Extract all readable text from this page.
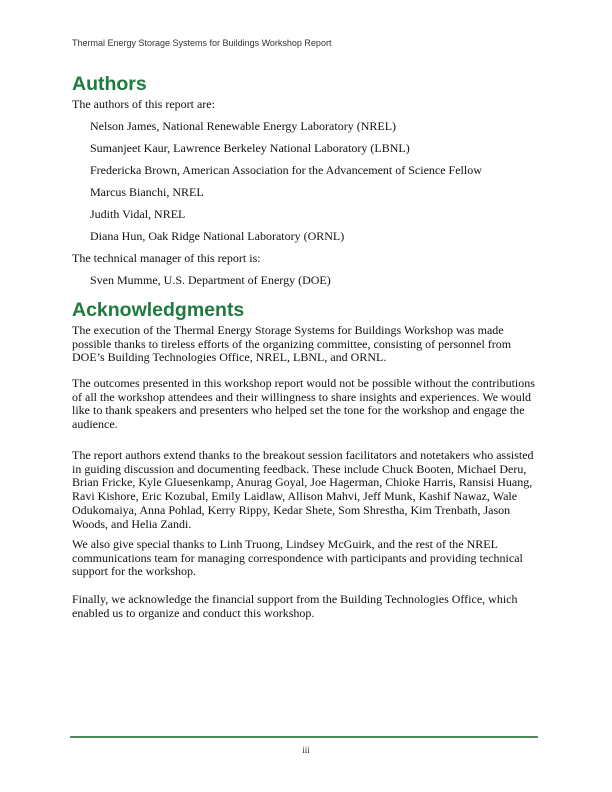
Thermal Energy Storage Systems for Buildings Workshop Report
Authors
The authors of this report are:
Nelson James, National Renewable Energy Laboratory (NREL)
Sumanjeet Kaur, Lawrence Berkeley National Laboratory (LBNL)
Fredericka Brown, American Association for the Advancement of Science Fellow
Marcus Bianchi, NREL
Judith Vidal, NREL
Diana Hun, Oak Ridge National Laboratory (ORNL)
The technical manager of this report is:
Sven Mumme, U.S. Department of Energy (DOE)
Acknowledgments
The execution of the Thermal Energy Storage Systems for Buildings Workshop was made possible thanks to tireless efforts of the organizing committee, consisting of personnel from DOE’s Building Technologies Office, NREL, LBNL, and ORNL.
The outcomes presented in this workshop report would not be possible without the contributions of all the workshop attendees and their willingness to share insights and experiences. We would like to thank speakers and presenters who helped set the tone for the workshop and engage the audience.
The report authors extend thanks to the breakout session facilitators and notetakers who assisted in guiding discussion and documenting feedback. These include Chuck Booten, Michael Deru, Brian Fricke, Kyle Gluesenkamp, Anurag Goyal, Joe Hagerman, Chioke Harris, Ransisi Huang, Ravi Kishore, Eric Kozubal, Emily Laidlaw, Allison Mahvi, Jeff Munk, Kashif Nawaz, Wale Odukomaiya, Anna Pohlad, Kerry Rippy, Kedar Shete, Som Shrestha, Kim Trenbath, Jason Woods, and Helia Zandi.
We also give special thanks to Linh Truong, Lindsey McGuirk, and the rest of the NREL communications team for managing correspondence with participants and providing technical support for the workshop.
Finally, we acknowledge the financial support from the Building Technologies Office, which enabled us to organize and conduct this workshop.
iii
